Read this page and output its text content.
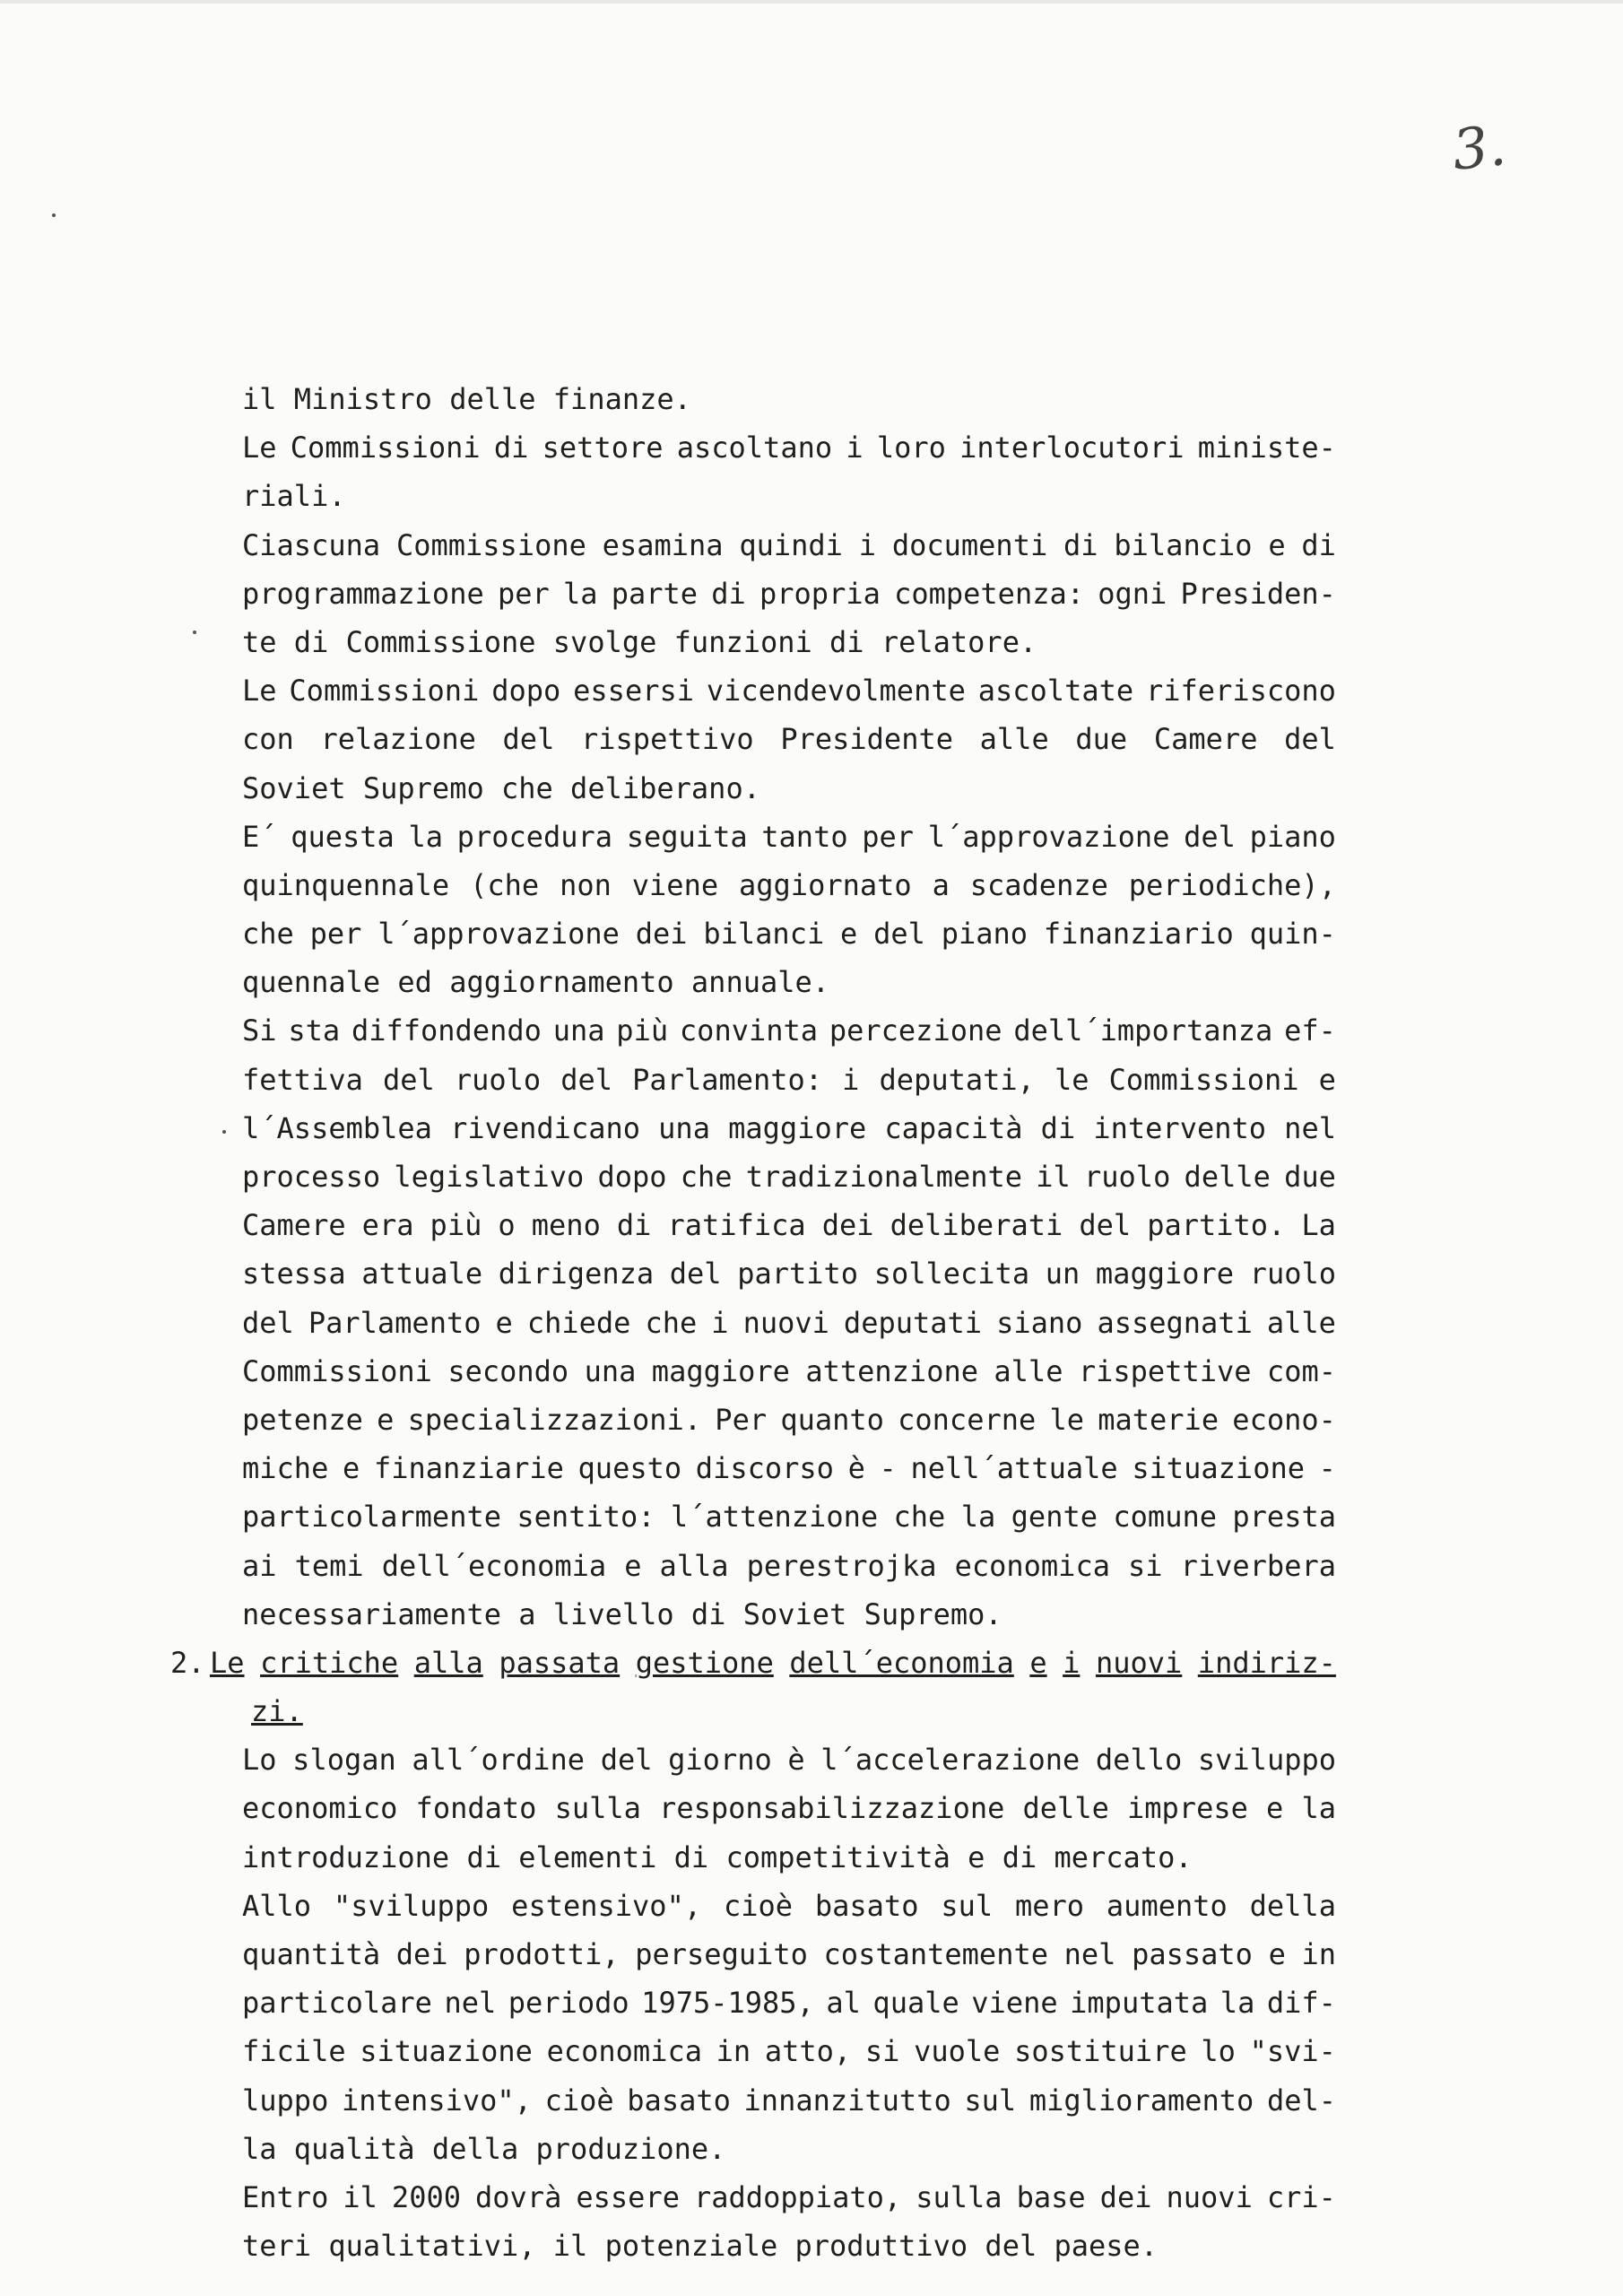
3.
il Ministro delle finanze.
Le Commissioni di settore ascoltano i loro interlocutori ministe-
riali.
Ciascuna Commissione esamina quindi i documenti di bilancio e di
programmazione per la parte di propria competenza: ogni Presiden-
te di Commissione svolge funzioni di relatore.
Le Commissioni dopo essersi vicendevolmente ascoltate riferiscono
con relazione del rispettivo Presidente alle due Camere del
Soviet Supremo che deliberano.
E´ questa la procedura seguita tanto per l´approvazione del piano
quinquennale (che non viene aggiornato a scadenze periodiche),
che per l´approvazione dei bilanci e del piano finanziario quin-
quennale ed aggiornamento annuale.
Si sta diffondendo una più convinta percezione dell´importanza ef-
fettiva del ruolo del Parlamento: i deputati, le Commissioni e
l´Assemblea rivendicano una maggiore capacità di intervento nel
processo legislativo dopo che tradizionalmente il ruolo delle due
Camere era più o meno di ratifica dei deliberati del partito. La
stessa attuale dirigenza del partito sollecita un maggiore ruolo
del Parlamento e chiede che i nuovi deputati siano assegnati alle
Commissioni secondo una maggiore attenzione alle rispettive com-
petenze e specializzazioni. Per quanto concerne le materie econo-
miche e finanziarie questo discorso è - nell´attuale situazione -
particolarmente sentito: l´attenzione che la gente comune presta
ai temi dell´economia e alla perestrojka economica si riverbera
necessariamente a livello di Soviet Supremo.
2. Le critiche alla passata gestione dell´economia e i nuovi indiriz-
zi.
Lo slogan all´ordine del giorno è l´accelerazione dello sviluppo
economico fondato sulla responsabilizzazione delle imprese e la
introduzione di elementi di competitività e di mercato.
Allo "sviluppo estensivo", cioè basato sul mero aumento della
quantità dei prodotti, perseguito costantemente nel passato e in
particolare nel periodo 1975-1985, al quale viene imputata la dif-
ficile situazione economica in atto, si vuole sostituire lo "svi-
luppo intensivo", cioè basato innanzitutto sul miglioramento del-
la qualità della produzione.
Entro il 2000 dovrà essere raddoppiato, sulla base dei nuovi cri-
teri qualitativi, il potenziale produttivo del paese.
